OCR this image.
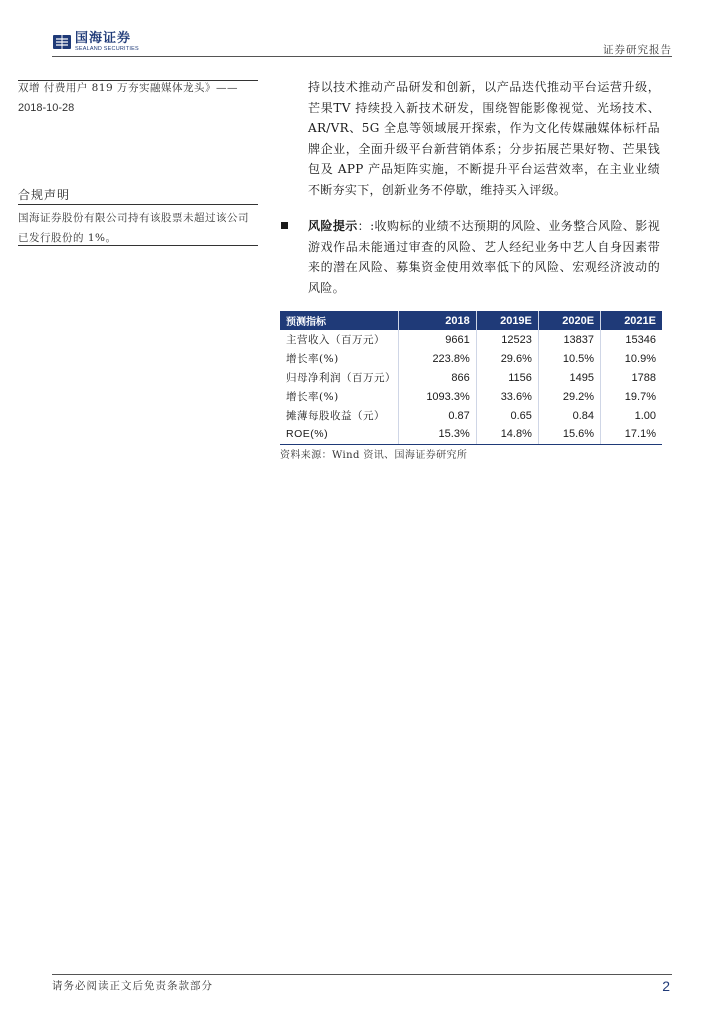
国海证券
SEALAND SECURITIES	证券研究报告
双增 付费用户 819 万夯实融媒体龙头》——
2018-10-28
合规声明
国海证券股份有限公司持有该股票未超过该公司已发行股份的 1%。
持以技术推动产品研发和创新，以产品迭代推动平台运营升级，芒果TV 持续投入新技术研发，围绕智能影像视觉、光场技术、AR/VR、5G 全息等领域展开探索，作为文化传媒融媒体标杆品牌企业，全面升级平台新营销体系；分步拓展芒果好物、芒果钱包及 APP 产品矩阵实施，不断提升平台运营效率，在主业业绩不断夯实下，创新业务不停歇，维持买入评级。
风险提示：:收购标的业绩不达预期的风险、业务整合风险、影视游戏作品未能通过审查的风险、艺人经纪业务中艺人自身因素带来的潜在风险、募集资金使用效率低下的风险、宏观经济波动的风险。
预测指标	2018	2019E	2020E	2021E
主营收入（百万元）	9661	12523	13837	15346
增长率(%)	223.8%	29.6%	10.5%	10.9%
归母净利润（百万元）	866	1156	1495	1788
增长率(%)	1093.3%	33.6%	29.2%	19.7%
摊薄每股收益（元）	0.87	0.65	0.84	1.00
ROE(%)	15.3%	14.8%	15.6%	17.1%
资料来源：Wind 资讯、国海证券研究所
请务必阅读正文后免责条款部分	2
